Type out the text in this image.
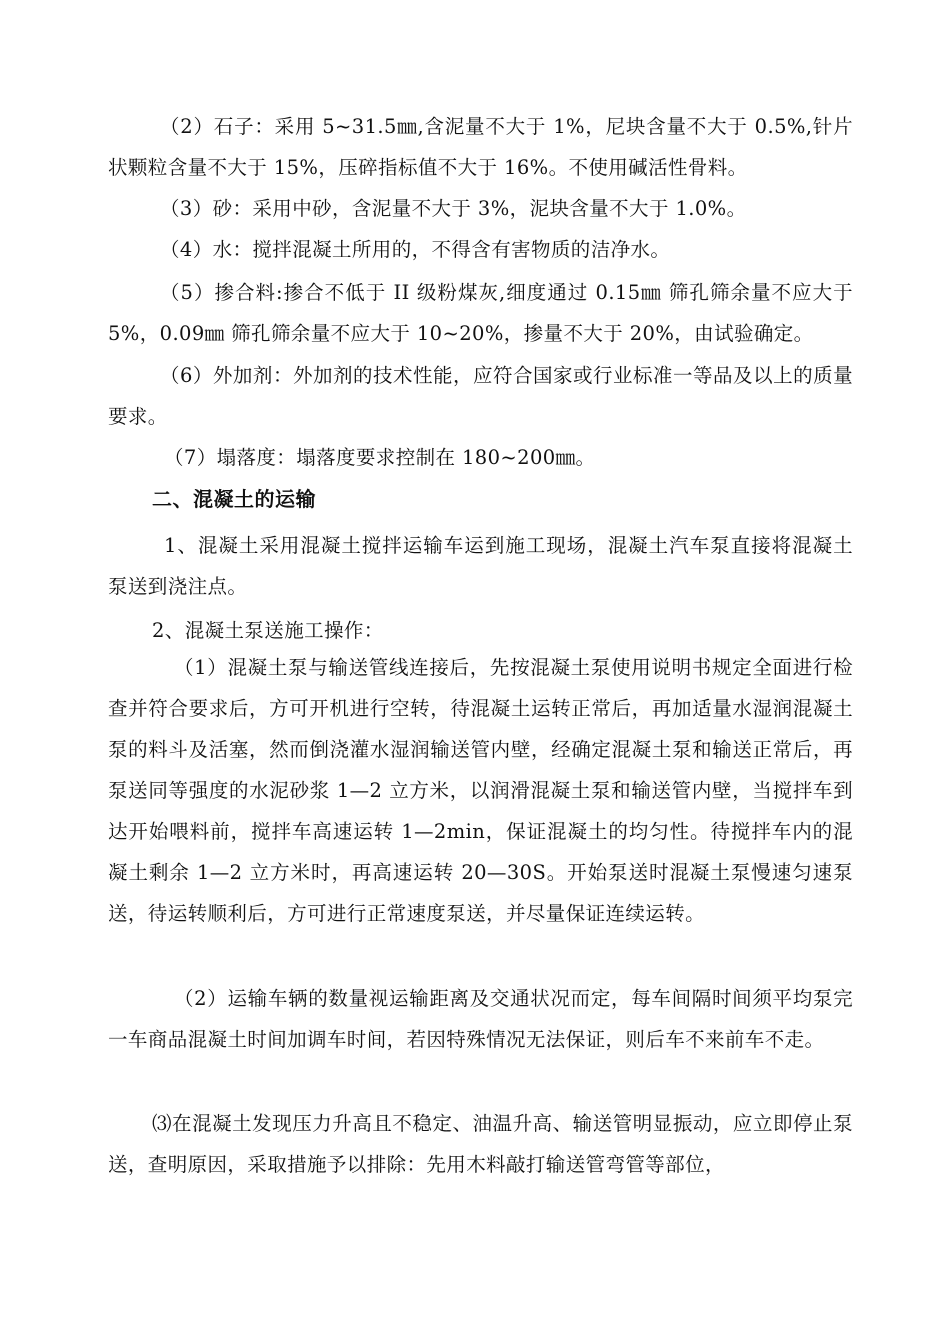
（2）石子：采用 5~31.5㎜,含泥量不大于 1%，尼块含量不大于 0.5%,针片状颗粒含量不大于 15%，压碎指标值不大于 16%。不使用碱活性骨料。

（3）砂：采用中砂，含泥量不大于 3%，泥块含量不大于 1.0%。

（4）水：搅拌混凝土所用的，不得含有害物质的洁净水。

（5）掺合料:掺合不低于 II 级粉煤灰,细度通过 0.15㎜ 筛孔筛余量不应大于 5%，0.09㎜ 筛孔筛余量不应大于 10~20%，掺量不大于 20%，由试验确定。

（6）外加剂：外加剂的技术性能，应符合国家或行业标准一等品及以上的质量要求。

（7）塌落度：塌落度要求控制在 180~200㎜。

二、混凝土的运输

1、混凝土采用混凝土搅拌运输车运到施工现场，混凝土汽车泵直接将混凝土泵送到浇注点。

2、混凝土泵送施工操作：

（1）混凝土泵与输送管线连接后，先按混凝土泵使用说明书规定全面进行检查并符合要求后，方可开机进行空转，待混凝土运转正常后，再加适量水湿润混凝土泵的料斗及活塞，然而倒浇灌水湿润输送管内壁，经确定混凝土泵和输送正常后，再泵送同等强度的水泥砂浆 1—2 立方米，以润滑混凝土泵和输送管内壁，当搅拌车到达开始喂料前，搅拌车高速运转 1—2min，保证混凝土的均匀性。待搅拌车内的混凝土剩余 1—2 立方米时，再高速运转 20—30S。开始泵送时混凝土泵慢速匀速泵送，待运转顺利后，方可进行正常速度泵送，并尽量保证连续运转。

（2）运输车辆的数量视运输距离及交通状况而定，每车间隔时间须平均泵完一车商品混凝土时间加调车时间，若因特殊情况无法保证，则后车不来前车不走。

⑶在混凝土发现压力升高且不稳定、油温升高、输送管明显振动，应立即停止泵送，查明原因，采取措施予以排除：先用木料敲打输送管弯管等部位，
